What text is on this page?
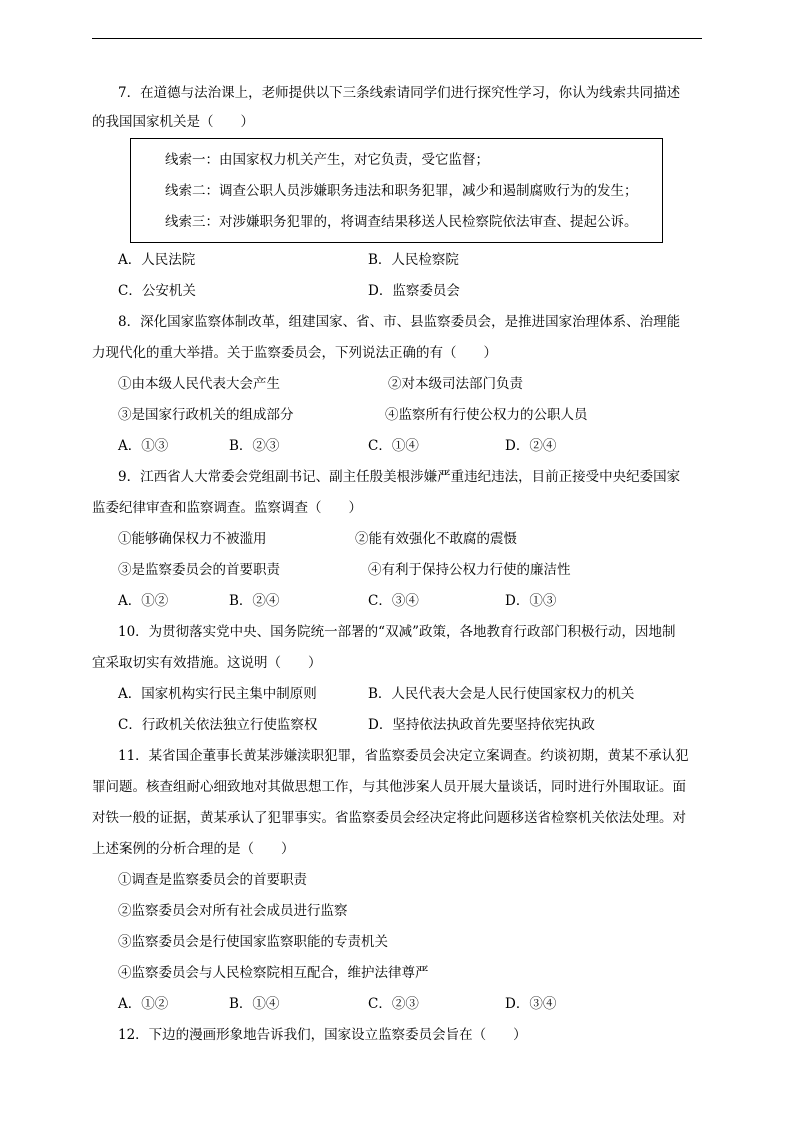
7．在道德与法治课上，老师提供以下三条线索请同学们进行探究性学习，你认为线索共同描述
的我国国家机关是（　　）
线索一：由国家权力机关产生，对它负责，受它监督；
线索二：调查公职人员涉嫌职务违法和职务犯罪，减少和遏制腐败行为的发生；
线索三：对涉嫌职务犯罪的，将调查结果移送人民检察院依法审查、提起公诉。
A．人民法院	B．人民检察院
C．公安机关	D．监察委员会
8．深化国家监察体制改革，组建国家、省、市、县监察委员会，是推进国家治理体系、治理能
力现代化的重大举措。关于监察委员会，下列说法正确的有（　　）
①由本级人民代表大会产生	②对本级司法部门负责
③是国家行政机关的组成部分	④监察所有行使公权力的公职人员
A．①③	B．②③	C．①④	D．②④
9．江西省人大常委会党组副书记、副主任殷美根涉嫌严重违纪违法，目前正接受中央纪委国家
监委纪律审查和监察调查。监察调查（　　）
①能够确保权力不被滥用	②能有效强化不敢腐的震慑
③是监察委员会的首要职责	④有利于保持公权力行使的廉洁性
A．①②	B．②④	C．③④	D．①③
10．为贯彻落实党中央、国务院统一部署的“双减”政策，各地教育行政部门积极行动，因地制
宜采取切实有效措施。这说明（　　）
A．国家机构实行民主集中制原则	B．人民代表大会是人民行使国家权力的机关
C．行政机关依法独立行使监察权	D．坚持依法执政首先要坚持依宪执政
11．某省国企董事长黄某涉嫌渎职犯罪，省监察委员会决定立案调查。约谈初期，黄某不承认犯
罪问题。核查组耐心细致地对其做思想工作，与其他涉案人员开展大量谈话，同时进行外围取证。面
对铁一般的证据，黄某承认了犯罪事实。省监察委员会经决定将此问题移送省检察机关依法处理。对
上述案例的分析合理的是（　　）
①调查是监察委员会的首要职责
②监察委员会对所有社会成员进行监察
③监察委员会是行使国家监察职能的专责机关
④监察委员会与人民检察院相互配合，维护法律尊严
A．①②	B．①④	C．②③	D．③④
12．下边的漫画形象地告诉我们，国家设立监察委员会旨在（　　）
